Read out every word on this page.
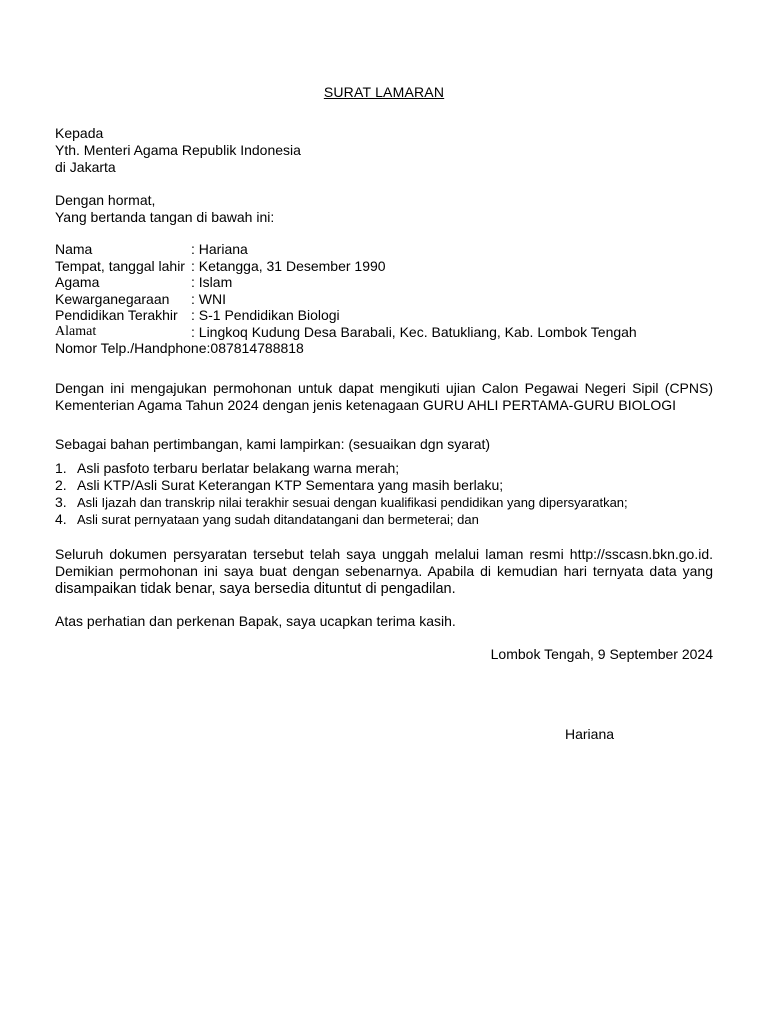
SURAT LAMARAN
Kepada
Yth. Menteri Agama Republik Indonesia
di Jakarta
Dengan hormat,
Yang bertanda tangan di bawah ini:
Nama	: Hariana
Tempat, tanggal lahir : Ketangga, 31 Desember 1990
Agama	: Islam
Kewarganegaraan	: WNI
Pendidikan Terakhir : S-1 Pendidikan Biologi
Alamat	: Lingkoq Kudung Desa Barabali, Kec. Batukliang, Kab. Lombok Tengah
Nomor Telp./Handphone :087814788818
Dengan ini mengajukan permohonan untuk dapat mengikuti ujian Calon Pegawai Negeri Sipil (CPNS) Kementerian Agama Tahun 2024 dengan jenis ketenagaan GURU AHLI PERTAMA-GURU BIOLOGI
Sebagai bahan pertimbangan, kami lampirkan: (sesuaikan dgn syarat)
1. Asli pasfoto terbaru berlatar belakang warna merah;
2. Asli KTP/Asli Surat Keterangan KTP Sementara yang masih berlaku;
3. Asli Ijazah dan transkrip nilai terakhir sesuai dengan kualifikasi pendidikan yang dipersyaratkan;
4. Asli surat pernyataan yang sudah ditandatangani dan bermeterai; dan
Seluruh dokumen persyaratan tersebut telah saya unggah melalui laman resmi http://sscasn.bkn.go.id. Demikian permohonan ini saya buat dengan sebenarnya. Apabila di kemudian hari ternyata data yang disampaikan tidak benar, saya bersedia dituntut di pengadilan.
Atas perhatian dan perkenan Bapak, saya ucapkan terima kasih.
Lombok Tengah, 9 September 2024
Hariana
